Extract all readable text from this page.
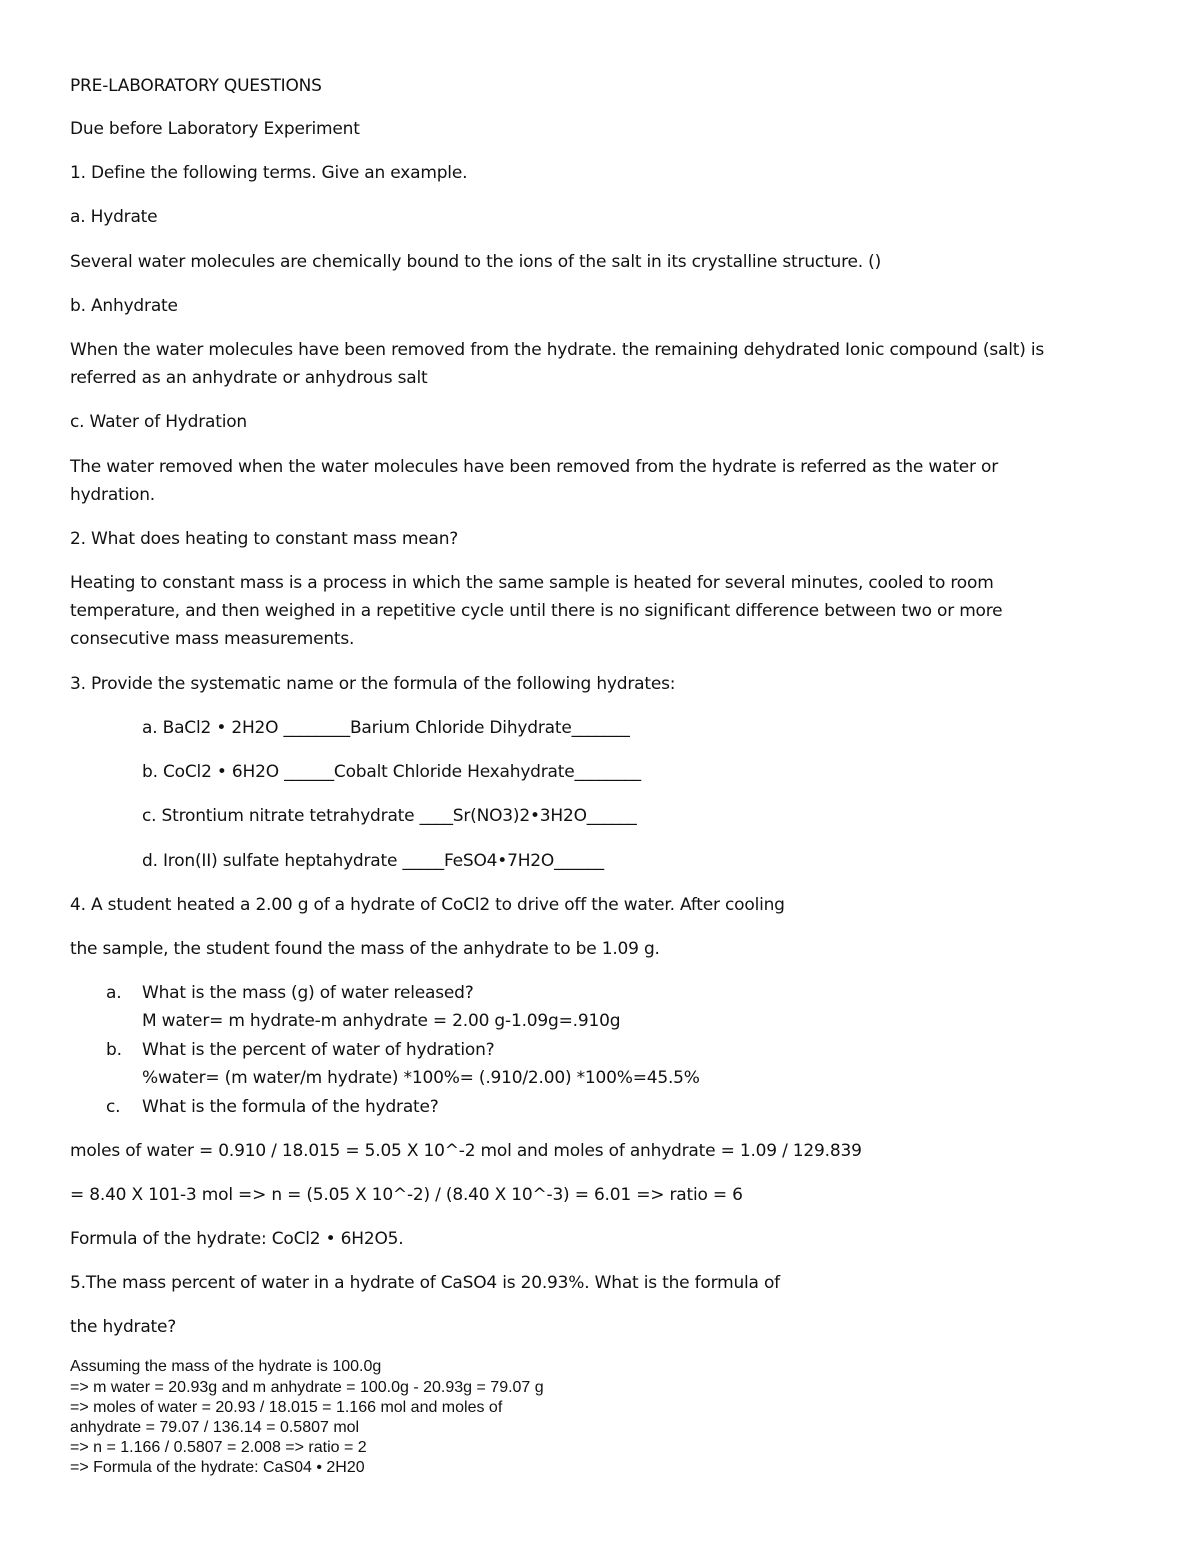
PRE-LABORATORY QUESTIONS
Due before Laboratory Experiment
1. Define the following terms. Give an example.
a. Hydrate
Several water molecules are chemically bound to the ions of the salt in its crystalline structure. ()
b. Anhydrate
When the water molecules have been removed from the hydrate. the remaining dehydrated Ionic compound (salt) is
referred as an anhydrate or anhydrous salt
c. Water of Hydration
The water removed when the water molecules have been removed from the hydrate is referred as the water or
hydration.
2. What does heating to constant mass mean?
Heating to constant mass is a process in which the same sample is heated for several minutes, cooled to room
temperature, and then weighed in a repetitive cycle until there is no significant difference between two or more
consecutive mass measurements.
3. Provide the systematic name or the formula of the following hydrates:
a. BaCl2 • 2H2O ________Barium Chloride Dihydrate_______
b. CoCl2 • 6H2O ______Cobalt Chloride Hexahydrate________
c. Strontium nitrate tetrahydrate ____Sr(NO3)2•3H2O______
d. Iron(II) sulfate heptahydrate _____FeSO4•7H2O______
4. A student heated a 2.00 g of a hydrate of CoCl2 to drive off the water. After cooling
the sample, the student found the mass of the anhydrate to be 1.09 g.
a. What is the mass (g) of water released?
M water= m hydrate-m anhydrate = 2.00 g-1.09g=.910g
b. What is the percent of water of hydration?
%water= (m water/m hydrate) *100%= (.910/2.00) *100%=45.5%
c. What is the formula of the hydrate?
moles of water = 0.910 / 18.015 = 5.05 X 10^-2 mol and moles of anhydrate = 1.09 / 129.839
= 8.40 X 101-3 mol => n = (5.05 X 10^-2) / (8.40 X 10^-3) = 6.01 => ratio = 6
Formula of the hydrate: CoCl2 • 6H2O5.
5.The mass percent of water in a hydrate of CaSO4 is 20.93%. What is the formula of
the hydrate?
Assuming the mass of the hydrate is 100.0g
=> m water = 20.93g and m anhydrate = 100.0g - 20.93g = 79.07 g
=> moles of water = 20.93 / 18.015 = 1.166 mol and moles of
anhydrate = 79.07 / 136.14 = 0.5807 mol
=> n = 1.166 / 0.5807 = 2.008 => ratio = 2
=> Formula of the hydrate: CaS04 • 2H20
